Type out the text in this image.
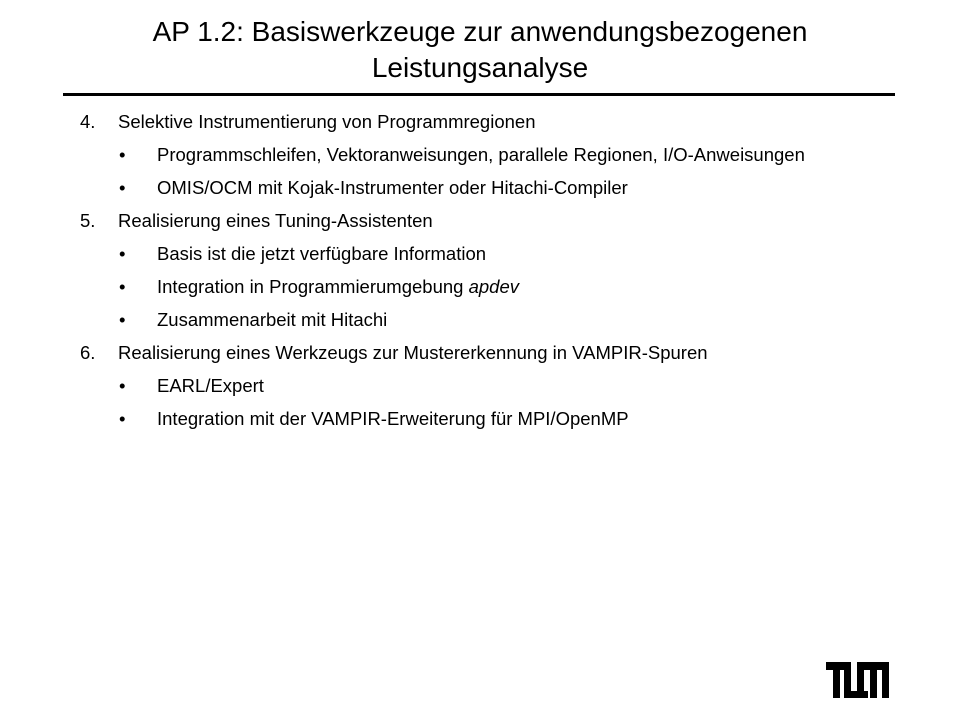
AP 1.2: Basiswerkzeuge zur anwendungsbezogenen
Leistungsanalyse
4. Selektive Instrumentierung von Programmregionen
• Programmschleifen, Vektoranweisungen, parallele Regionen, I/O-Anweisungen
• OMIS/OCM mit Kojak-Instrumenter oder Hitachi-Compiler
5. Realisierung eines Tuning-Assistenten
• Basis ist die jetzt verfügbare Information
• Integration in Programmierumgebung apdev
• Zusammenarbeit mit Hitachi
6. Realisierung eines Werkzeugs zur Mustererkennung in VAMPIR-Spuren
• EARL/Expert
• Integration mit der VAMPIR-Erweiterung für MPI/OpenMP
